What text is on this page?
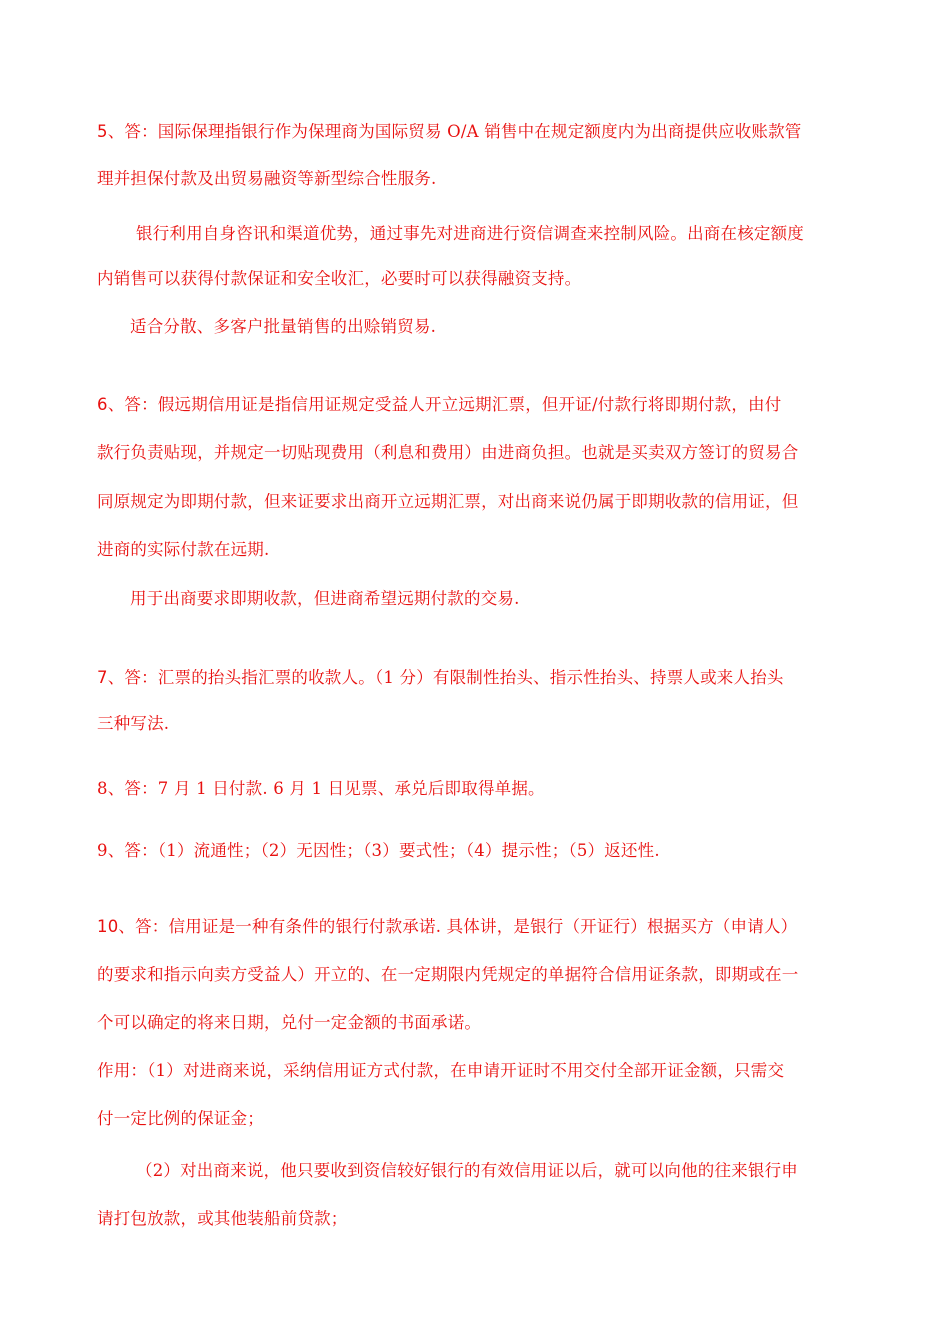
5、答：国际保理指银行作为保理商为国际贸易 O/A 销售中在规定额度内为出商提供应收账款管
理并担保付款及出贸易融资等新型综合性服务.
银行利用自身咨讯和渠道优势，通过事先对进商进行资信调查来控制风险。出商在核定额度
内销售可以获得付款保证和安全收汇，必要时可以获得融资支持。
适合分散、多客户批量销售的出赊销贸易.
6、答：假远期信用证是指信用证规定受益人开立远期汇票，但开证/付款行将即期付款，由付
款行负责贴现，并规定一切贴现费用（利息和费用）由进商负担。也就是买卖双方签订的贸易合
同原规定为即期付款，但来证要求出商开立远期汇票，对出商来说仍属于即期收款的信用证，但
进商的实际付款在远期.
用于出商要求即期收款，但进商希望远期付款的交易.
7、答：汇票的抬头指汇票的收款人。（1 分）有限制性抬头、指示性抬头、持票人或来人抬头
三种写法.
8、答：7 月 1 日付款. 6 月 1 日见票、承兑后即取得单据。
9、答：（1）流通性；（2）无因性；（3）要式性；（4）提示性；（5）返还性.
10、答：信用证是一种有条件的银行付款承诺. 具体讲，是银行（开证行）根据买方（申请人）
的要求和指示向卖方受益人）开立的、在一定期限内凭规定的单据符合信用证条款，即期或在一
个可以确定的将来日期，兑付一定金额的书面承诺。
作用：（1）对进商来说，采纳信用证方式付款，在申请开证时不用交付全部开证金额，只需交
付一定比例的保证金；
（2）对出商来说，他只要收到资信较好银行的有效信用证以后，就可以向他的往来银行申
请打包放款，或其他装船前贷款；
